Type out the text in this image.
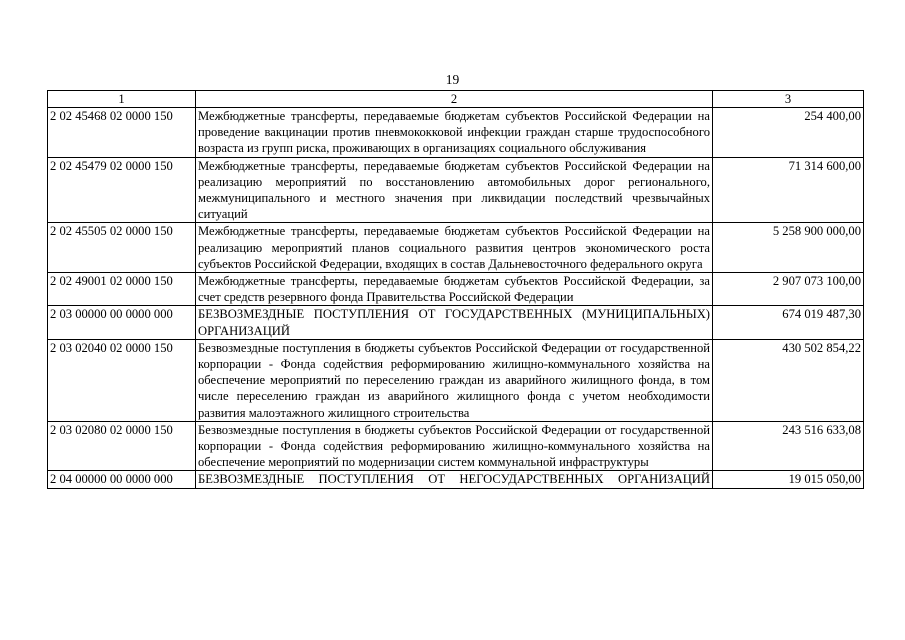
19
1	2	3
2 02 45468 02 0000 150	Межбюджетные трансферты, передаваемые бюджетам субъектов Российской Федерации на проведение вакцинации против пневмококковой инфекции граждан старше трудоспособного возраста из групп риска, проживающих в организациях социального обслуживания	254 400,00
2 02 45479 02 0000 150	Межбюджетные трансферты, передаваемые бюджетам субъектов Российской Федерации на реализацию мероприятий по восстановлению автомобильных дорог регионального, межмуниципального и местного значения при ликвидации последствий чрезвычайных ситуаций	71 314 600,00
2 02 45505 02 0000 150	Межбюджетные трансферты, передаваемые бюджетам субъектов Российской Федерации на реализацию мероприятий планов социального развития центров экономического роста субъектов Российской Федерации, входящих в состав Дальневосточного федерального округа	5 258 900 000,00
2 02 49001 02 0000 150	Межбюджетные трансферты, передаваемые бюджетам субъектов Российской Федерации, за счет средств резервного фонда Правительства Российской Федерации	2 907 073 100,00
2 03 00000 00 0000 000	БЕЗВОЗМЕЗДНЫЕ ПОСТУПЛЕНИЯ ОТ ГОСУДАРСТВЕННЫХ (МУНИЦИПАЛЬНЫХ) ОРГАНИЗАЦИЙ	674 019 487,30
2 03 02040 02 0000 150	Безвозмездные поступления в бюджеты субъектов Российской Федерации от государственной корпорации - Фонда содействия реформированию жилищно-коммунального хозяйства на обеспечение мероприятий по переселению граждан из аварийного жилищного фонда, в том числе переселению граждан из аварийного жилищного фонда с учетом необходимости развития малоэтажного жилищного строительства	430 502 854,22
2 03 02080 02 0000 150	Безвозмездные поступления в бюджеты субъектов Российской Федерации от государственной корпорации - Фонда содействия реформированию жилищно-коммунального хозяйства на обеспечение мероприятий по модернизации систем коммунальной инфраструктуры	243 516 633,08
2 04 00000 00 0000 000	БЕЗВОЗМЕЗДНЫЕ ПОСТУПЛЕНИЯ ОТ НЕГОСУДАРСТВЕННЫХ ОРГАНИЗАЦИЙ	19 015 050,00
